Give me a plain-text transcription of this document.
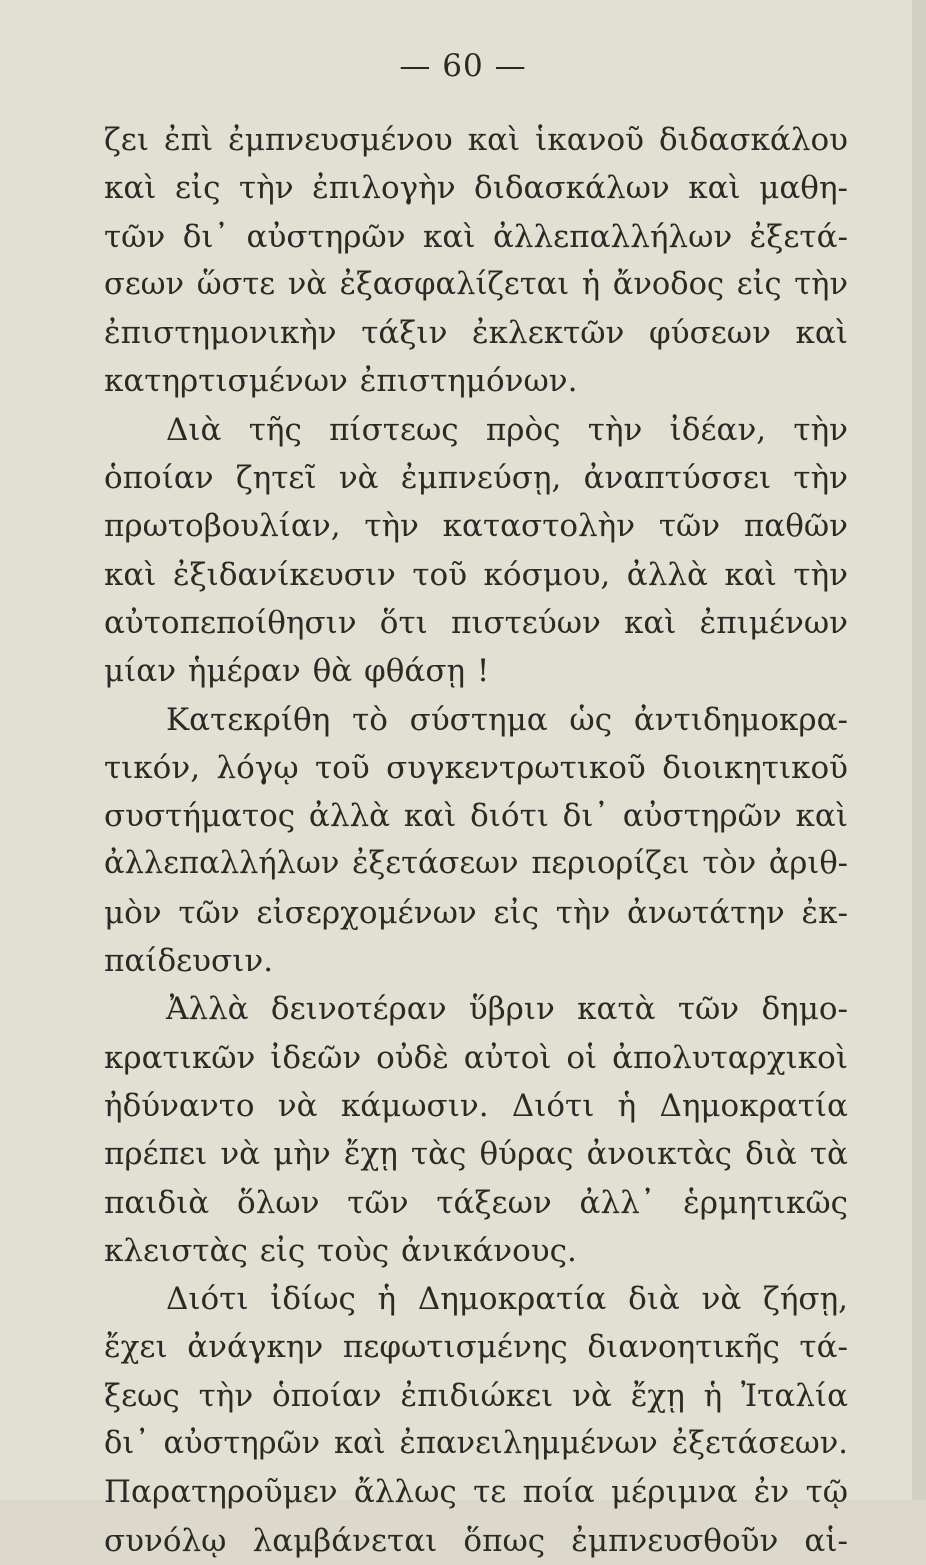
— 60 —
ζει ἐπὶ ἐμπνευσμένου καὶ ἱκανοῦ διδασκάλου
καὶ εἰς τὴν ἐπιλογὴν διδασκάλων καὶ μαθη-
τῶν δι᾽ αὐστηρῶν καὶ ἀλλεπαλλήλων ἐξετά-
σεων ὥστε νὰ ἐξασφαλίζεται ἡ ἄνοδος εἰς τὴν
ἐπιστημονικὴν τάξιν ἐκλεκτῶν φύσεων καὶ
κατηρτισμένων ἐπιστημόνων.
Διὰ τῆς πίστεως πρὸς τὴν ἰδέαν, τὴν
ὁποίαν ζητεῖ νὰ ἐμπνεύσῃ, ἀναπτύσσει τὴν
πρωτοβουλίαν, τὴν καταστολὴν τῶν παθῶν
καὶ ἐξιδανίκευσιν τοῦ κόσμου, ἀλλὰ καὶ τὴν
αὐτοπεποίθησιν ὅτι πιστεύων καὶ ἐπιμένων
μίαν ἡμέραν θὰ φθάσῃ !
Κατεκρίθη τὸ σύστημα ὡς ἀντιδημοκρα-
τικόν, λόγῳ τοῦ συγκεντρωτικοῦ διοικητικοῦ
συστήματος ἀλλὰ καὶ διότι δι᾽ αὐστηρῶν καὶ
ἀλλεπαλλήλων ἐξετάσεων περιορίζει τὸν ἀριθ-
μὸν τῶν εἰσερχομένων εἰς τὴν ἀνωτάτην ἐκ-
παίδευσιν.
Ἀλλὰ δεινοτέραν ὕβριν κατὰ τῶν δημο-
κρατικῶν ἰδεῶν οὐδὲ αὐτοὶ οἱ ἀπολυταρχικοὶ
ἠδύναντο νὰ κάμωσιν. Διότι ἡ Δημοκρατία
πρέπει νὰ μὴν ἔχῃ τὰς θύρας ἀνοικτὰς διὰ τὰ
παιδιὰ ὅλων τῶν τάξεων ἀλλ᾽ ἑρμητικῶς
κλειστὰς εἰς τοὺς ἀνικάνους.
Διότι ἰδίως ἡ Δημοκρατία διὰ νὰ ζήσῃ,
ἔχει ἀνάγκην πεφωτισμένης διανοητικῆς τά-
ξεως τὴν ὁποίαν ἐπιδιώκει νὰ ἔχῃ ἡ Ἰταλία
δι᾽ αὐστηρῶν καὶ ἐπανειλημμένων ἐξετάσεων.
Παρατηροῦμεν ἄλλως τε ποία μέριμνα ἐν τῷ
συνόλῳ λαμβάνεται ὅπως ἐμπνευσθοῦν αἱ-
